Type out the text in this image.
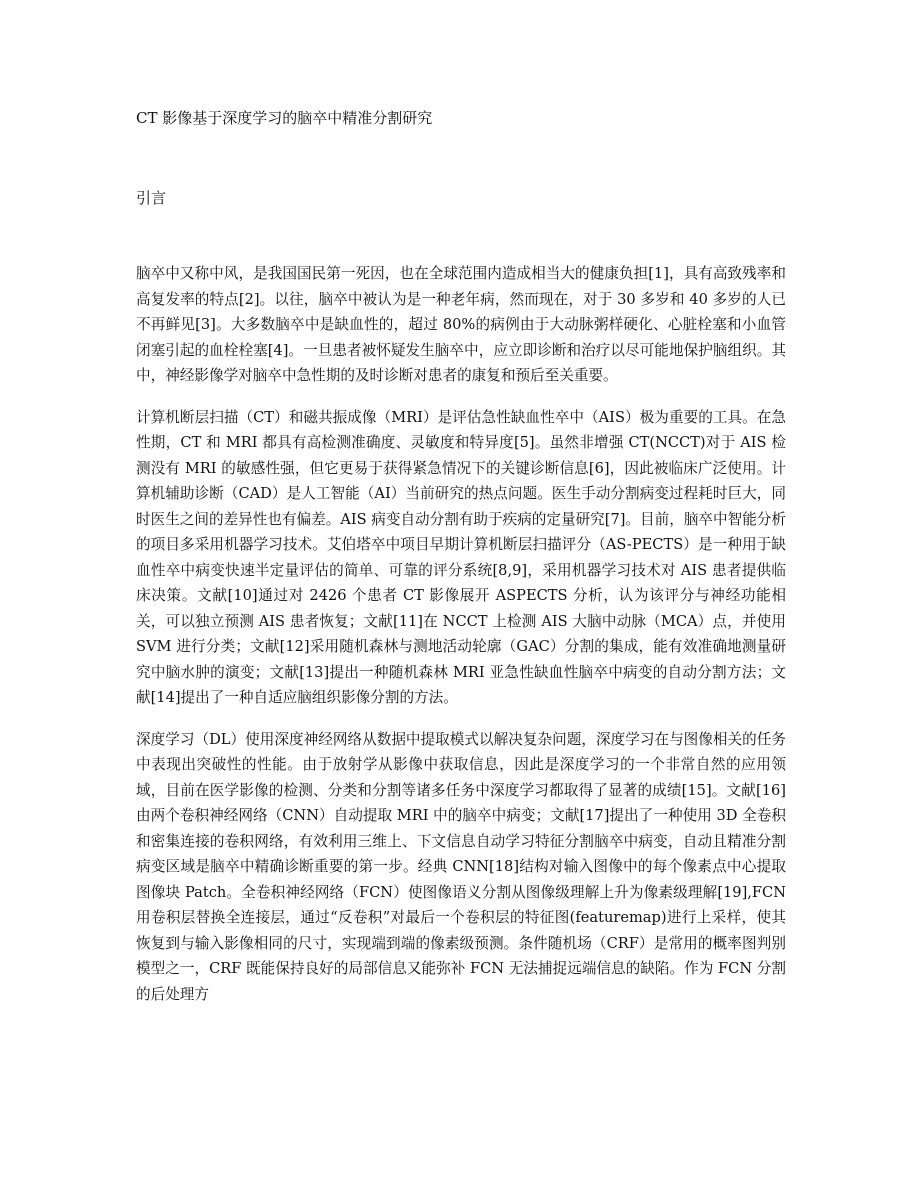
CT 影像基于深度学习的脑卒中精准分割研究
引言

脑卒中又称中风，是我国国民第一死因，也在全球范围内造成相当大的健康负担[1]，具有高致残率和高复发率的特点[2]。以往，脑卒中被认为是一种老年病，然而现在，对于 30 多岁和 40 多岁的人已不再鲜见[3]。大多数脑卒中是缺血性的，超过 80%的病例由于大动脉粥样硬化、心脏栓塞和小血管闭塞引起的血栓栓塞[4]。一旦患者被怀疑发生脑卒中，应立即诊断和治疗以尽可能地保护脑组织。其中，神经影像学对脑卒中急性期的及时诊断对患者的康复和预后至关重要。

计算机断层扫描（CT）和磁共振成像（MRI）是评估急性缺血性卒中（AIS）极为重要的工具。在急性期，CT 和 MRI 都具有高检测准确度、灵敏度和特异度[5]。虽然非增强 CT(NCCT)对于 AIS 检测没有 MRI 的敏感性强，但它更易于获得紧急情况下的关键诊断信息[6]，因此被临床广泛使用。计算机辅助诊断（CAD）是人工智能（AI）当前研究的热点问题。医生手动分割病变过程耗时巨大，同时医生之间的差异性也有偏差。AIS 病变自动分割有助于疾病的定量研究[7]。目前，脑卒中智能分析的项目多采用机器学习技术。艾伯塔卒中项目早期计算机断层扫描评分（AS-PECTS）是一种用于缺血性卒中病变快速半定量评估的简单、可靠的评分系统[8,9]，采用机器学习技术对 AIS 患者提供临床决策。文献[10]通过对 2426 个患者 CT 影像展开 ASPECTS 分析，认为该评分与神经功能相关，可以独立预测 AIS 患者恢复；文献[11]在 NCCT 上检测 AIS 大脑中动脉（MCA）点，并使用 SVM 进行分类；文献[12]采用随机森林与测地活动轮廓（GAC）分割的集成，能有效准确地测量研究中脑水肿的演变；文献[13]提出一种随机森林 MRI 亚急性缺血性脑卒中病变的自动分割方法；文献[14]提出了一种自适应脑组织影像分割的方法。

深度学习（DL）使用深度神经网络从数据中提取模式以解决复杂问题，深度学习在与图像相关的任务中表现出突破性的性能。由于放射学从影像中获取信息，因此是深度学习的一个非常自然的应用领域，目前在医学影像的检测、分类和分割等诸多任务中深度学习都取得了显著的成绩[15]。文献[16]由两个卷积神经网络（CNN）自动提取 MRI 中的脑卒中病变；文献[17]提出了一种使用 3D 全卷积和密集连接的卷积网络，有效利用三维上、下文信息自动学习特征分割脑卒中病变，自动且精准分割病变区域是脑卒中精确诊断重要的第一步。经典 CNN[18]结构对输入图像中的每个像素点中心提取图像块 Patch。全卷积神经网络（FCN）使图像语义分割从图像级理解上升为像素级理解[19],FCN 用卷积层替换全连接层，通过“反卷积”对最后一个卷积层的特征图(featuremap)进行上采样，使其恢复到与输入影像相同的尺寸，实现端到端的像素级预测。条件随机场（CRF）是常用的概率图判别模型之一，CRF 既能保持良好的局部信息又能弥补 FCN 无法捕捉远端信息的缺陷。作为 FCN 分割的后处理方
